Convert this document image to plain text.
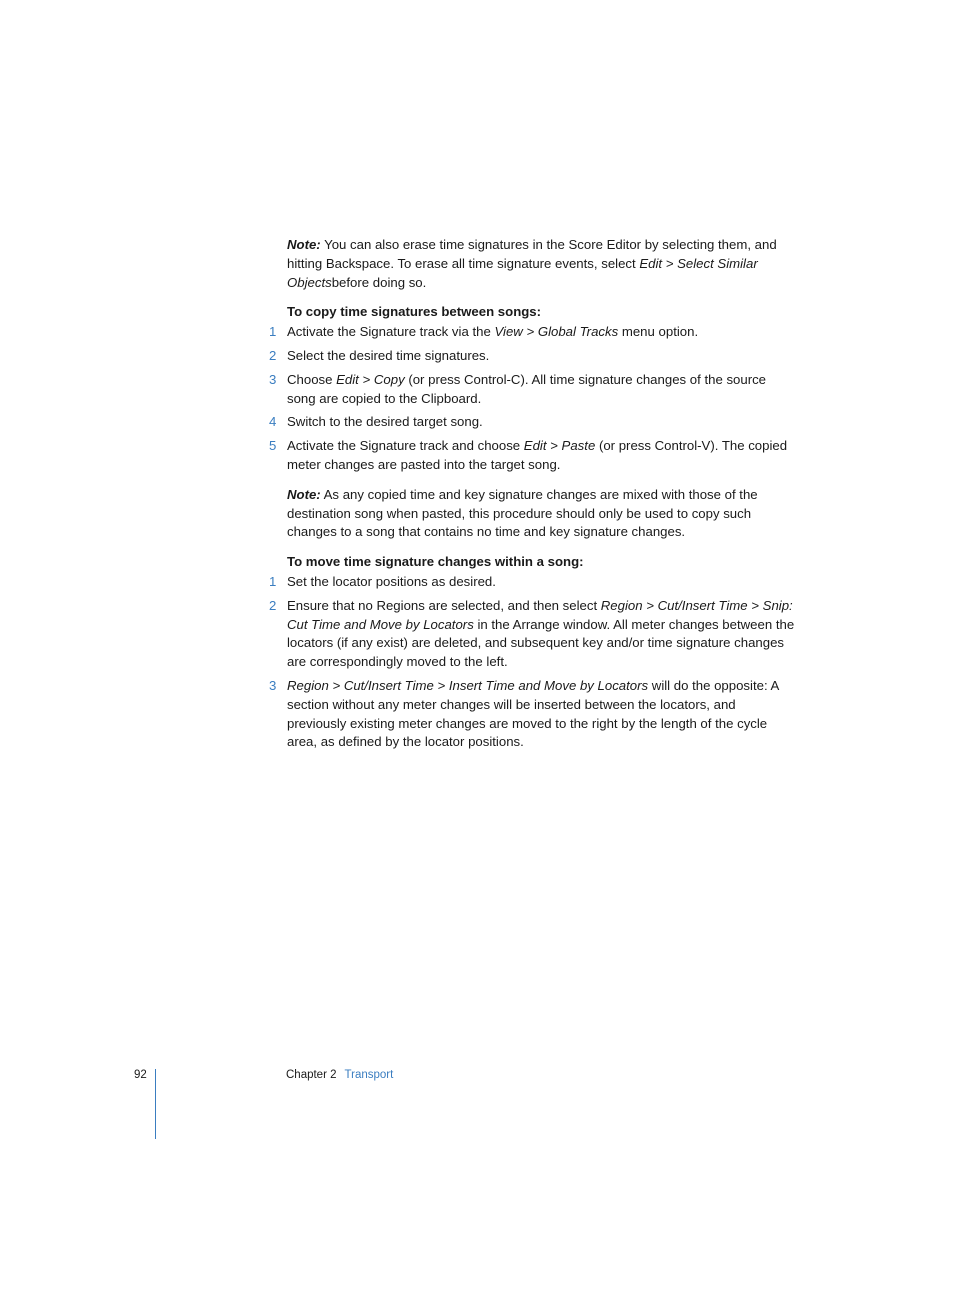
Note: You can also erase time signatures in the Score Editor by selecting them, and hitting Backspace. To erase all time signature events, select Edit > Select Similar Objectsbefore doing so.

To copy time signatures between songs:

1 Activate the Signature track via the View > Global Tracks menu option.
2 Select the desired time signatures.
3 Choose Edit > Copy (or press Control-C). All time signature changes of the source song are copied to the Clipboard.
4 Switch to the desired target song.
5 Activate the Signature track and choose Edit > Paste (or press Control-V). The copied meter changes are pasted into the target song.

Note: As any copied time and key signature changes are mixed with those of the destination song when pasted, this procedure should only be used to copy such changes to a song that contains no time and key signature changes.

To move time signature changes within a song:

1 Set the locator positions as desired.
2 Ensure that no Regions are selected, and then select Region > Cut/Insert Time > Snip: Cut Time and Move by Locators in the Arrange window. All meter changes between the locators (if any exist) are deleted, and subsequent key and/or time signature changes are correspondingly moved to the left.
3 Region > Cut/Insert Time > Insert Time and Move by Locators will do the opposite: A section without any meter changes will be inserted between the locators, and previously existing meter changes are moved to the right by the length of the cycle area, as defined by the locator positions.
92	Chapter 2 Transport
